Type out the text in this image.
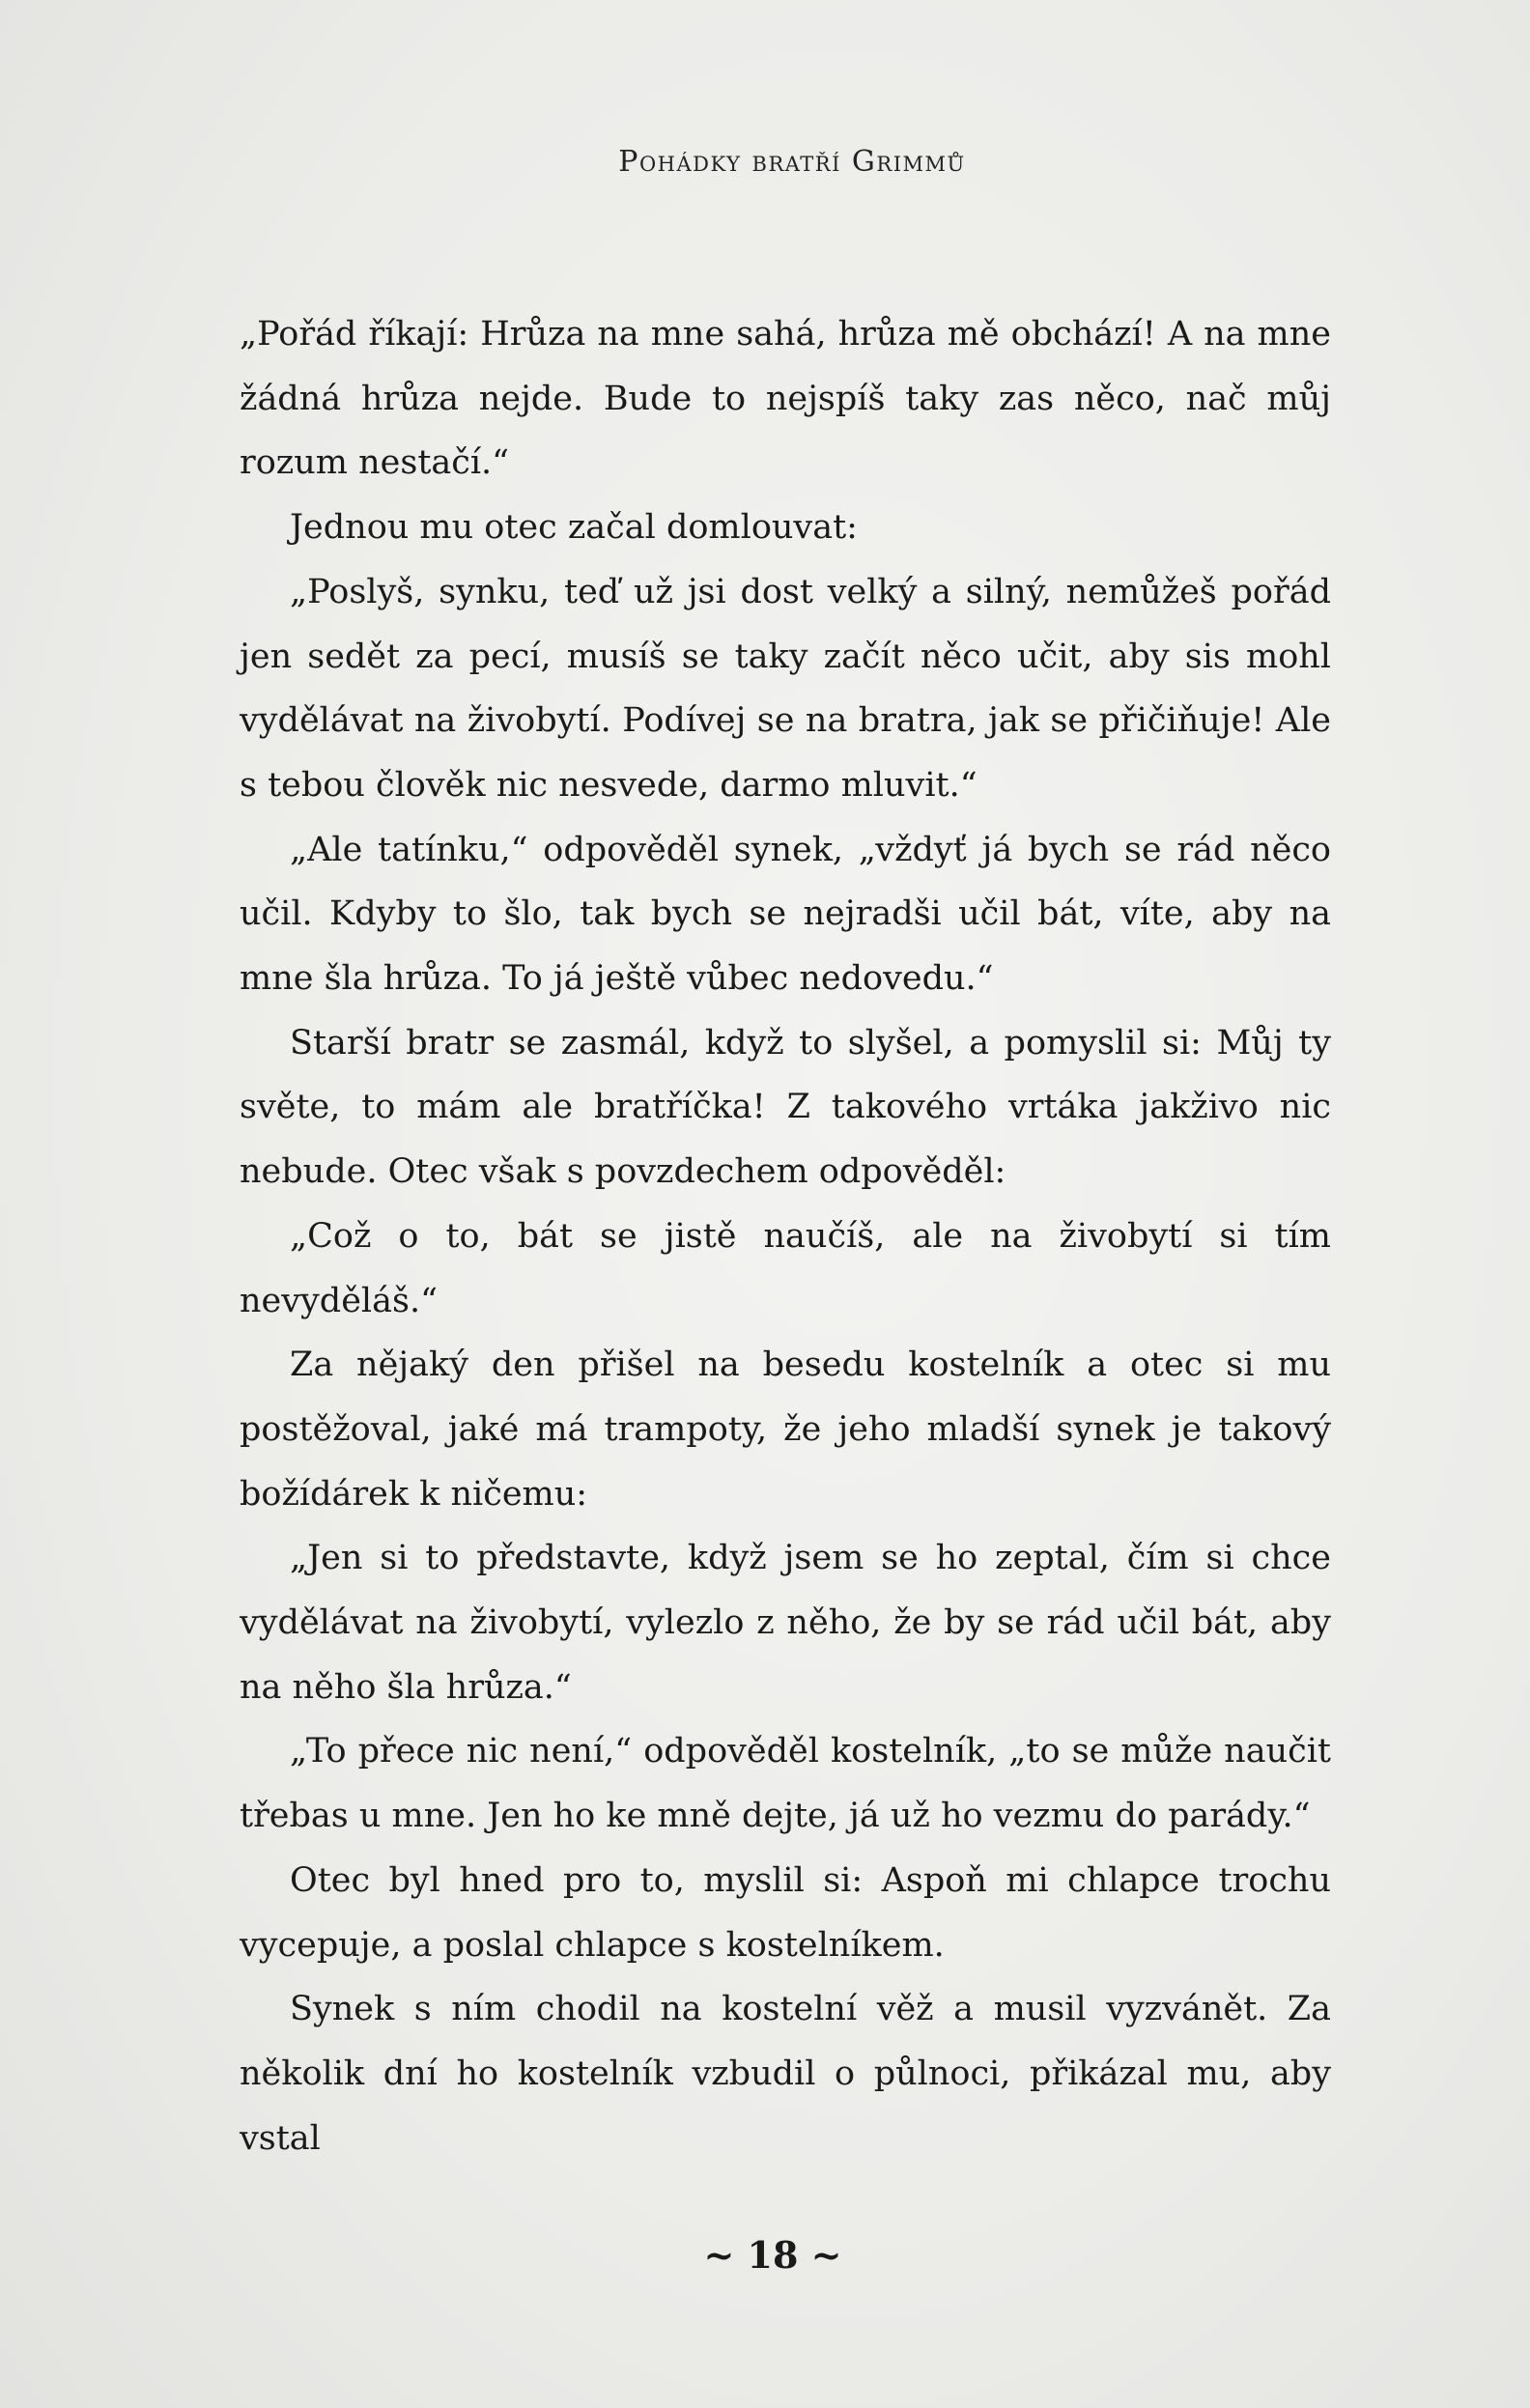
Pohádky bratří Grimmů

„Pořád říkají: Hrůza na mne sahá, hrůza mě obchází! A na mne žádná hrůza nejde. Bude to nejspíš taky zas něco, nač můj rozum nestačí.“

Jednou mu otec začal domlouvat:

„Poslyš, synku, teď už jsi dost velký a silný, nemůžeš pořád jen sedět za pecí, musíš se taky začít něco učit, aby sis mohl vydělávat na živobytí. Podívej se na bratra, jak se přičiňuje! Ale s tebou člověk nic nesvede, darmo mluvit.“

„Ale tatínku,“ odpověděl synek, „vždyť já bych se rád něco učil. Kdyby to šlo, tak bych se nejradši učil bát, víte, aby na mne šla hrůza. To já ještě vůbec nedovedu.“

Starší bratr se zasmál, když to slyšel, a pomyslil si: Můj ty světe, to mám ale bratříčka! Z takového vrtáka jakživo nic nebude. Otec však s povzdechem odpověděl:

„Což o to, bát se jistě naučíš, ale na živobytí si tím nevyděláš.“

Za nějaký den přišel na besedu kostelník a otec si mu postěžoval, jaké má trampoty, že jeho mladší synek je takový božídárek k ničemu:

„Jen si to představte, když jsem se ho zeptal, čím si chce vydělávat na živobytí, vylezlo z něho, že by se rád učil bát, aby na něho šla hrůza.“

„To přece nic není,“ odpověděl kostelník, „to se může naučit třebas u mne. Jen ho ke mně dejte, já už ho vezmu do parády.“

Otec byl hned pro to, myslil si: Aspoň mi chlapce trochu vycepuje, a poslal chlapce s kostelníkem.

Synek s ním chodil na kostelní věž a musil vyzvánět. Za několik dní ho kostelník vzbudil o půlnoci, přikázal mu, aby vstal

~ 18 ~
